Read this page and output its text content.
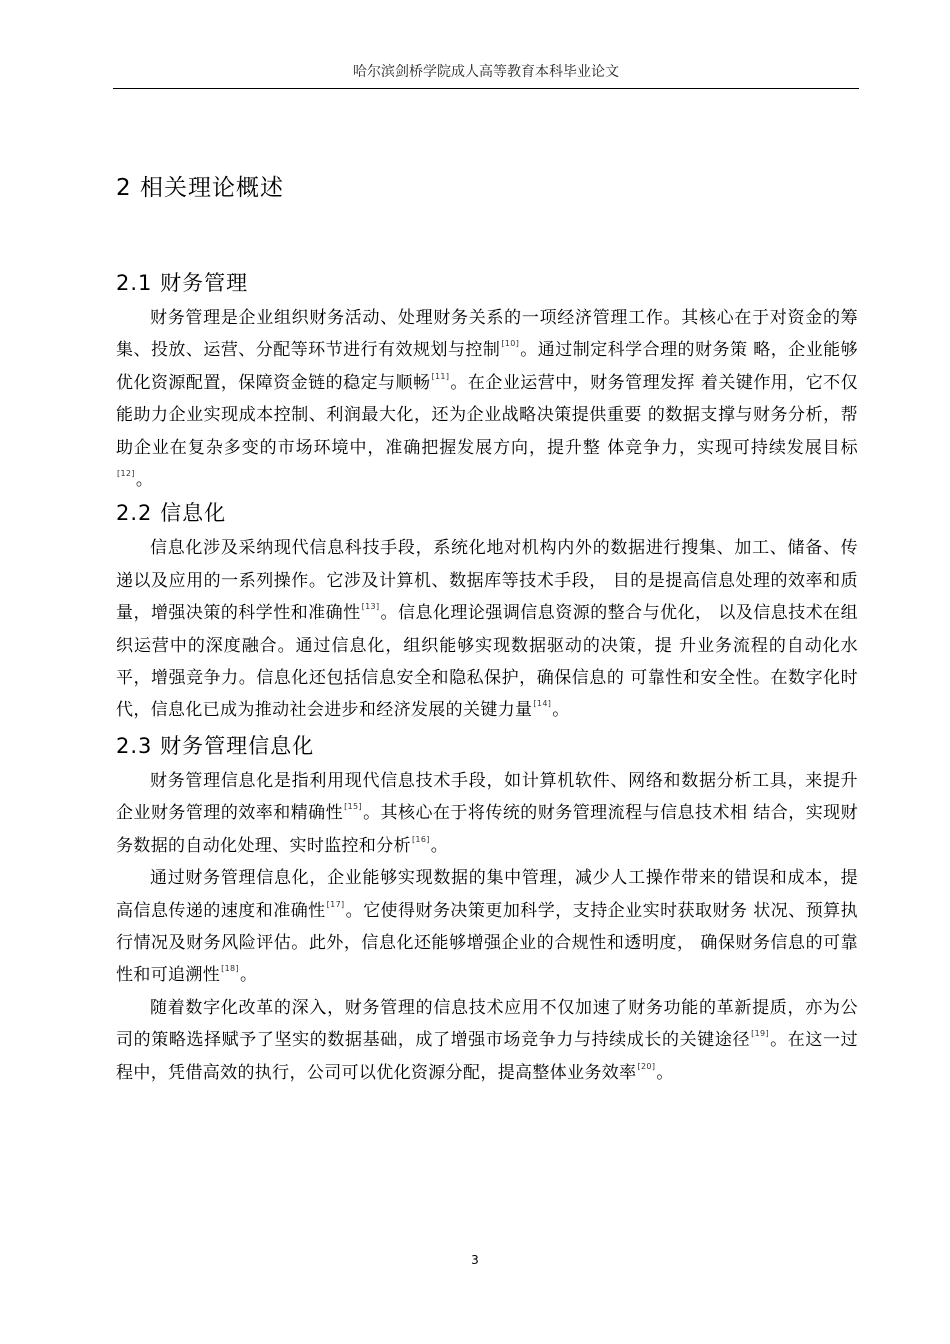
哈尔滨剑桥学院成人高等教育本科毕业论文
2 相关理论概述
2.1 财务管理

财务管理是企业组织财务活动、处理财务关系的一项经济管理工作。其核心在于对资金的筹集、投放、运营、分配等环节进行有效规划与控制[10]。通过制定科学合理的财务策 略，企业能够优化资源配置，保障资金链的稳定与顺畅[11]。在企业运营中，财务管理发挥 着关键作用，它不仅能助力企业实现成本控制、利润最大化，还为企业战略决策提供重要 的数据支撑与财务分析，帮助企业在复杂多变的市场环境中，准确把握发展方向，提升整 体竞争力，实现可持续发展目标[12]。

2.2 信息化

信息化涉及采纳现代信息科技手段，系统化地对机构内外的数据进行搜集、加工、储备、传递以及应用的一系列操作。它涉及计算机、数据库等技术手段， 目的是提高信息处理的效率和质量，增强决策的科学性和准确性[13]。信息化理论强调信息资源的整合与优化， 以及信息技术在组织运营中的深度融合。通过信息化，组织能够实现数据驱动的决策，提 升业务流程的自动化水平，增强竞争力。信息化还包括信息安全和隐私保护，确保信息的 可靠性和安全性。在数字化时代，信息化已成为推动社会进步和经济发展的关键力量[14]。

2.3 财务管理信息化

财务管理信息化是指利用现代信息技术手段，如计算机软件、网络和数据分析工具，来提升企业财务管理的效率和精确性[15]。其核心在于将传统的财务管理流程与信息技术相 结合，实现财务数据的自动化处理、实时监控和分析[16]。

通过财务管理信息化，企业能够实现数据的集中管理，减少人工操作带来的错误和成本，提高信息传递的速度和准确性[17]。它使得财务决策更加科学，支持企业实时获取财务 状况、预算执行情况及财务风险评估。此外，信息化还能够增强企业的合规性和透明度， 确保财务信息的可靠性和可追溯性[18]。

随着数字化改革的深入，财务管理的信息技术应用不仅加速了财务功能的革新提质，亦为公司的策略选择赋予了坚实的数据基础，成了增强市场竞争力与持续成长的关键途径[19]。在这一过程中，凭借高效的执行，公司可以优化资源分配，提高整体业务效率[20]。

3
